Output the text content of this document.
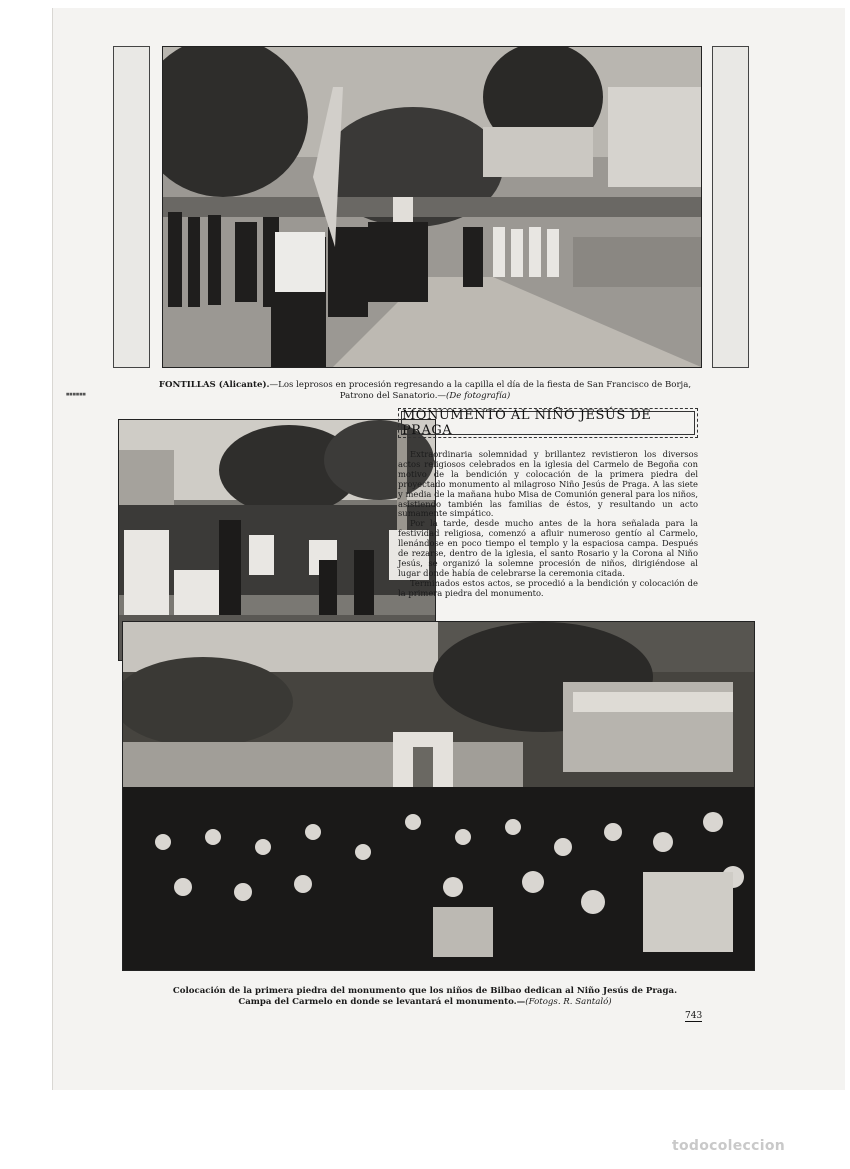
FONTILLAS (Alicante).—Los leprosos en procesión regresando a la capilla el día de la fiesta de San Francisco de Borja,
Patrono del Sanatorio.—(De fotografía)
■■■■■■
MONUMENTO AL NIÑO JESÚS DE PRAGA

Extraordinaria solemnidad y brillantez revistieron los diversos actos religiosos celebrados en la iglesia del Carmelo de Begoña con motivo de la bendición y colocación de la primera piedra del proyectado monumento al milagroso Niño Jesús de Praga. A las siete y media de la mañana hubo Misa de Comunión general para los niños, asistiendo también las familias de éstos, y resultando un acto sumamente simpático.

Por la tarde, desde mucho antes de la hora señalada para la festividad religiosa, comenzó a afluir numeroso gentío al Carmelo, llenándose en poco tiempo el templo y la espaciosa campa. Después de rezarse, dentro de la iglesia, el santo Rosario y la Corona al Niño Jesús, se organizó la solemne procesión de niños, dirigiéndose al lugar donde había de celebrarse la ceremonia citada.

Terminados estos actos, se procedió a la bendición y colocación de la primera piedra del monumento.

Colocación de la primera piedra del monumento que los niños de Bilbao dedican al Niño Jesús de Praga.
Campa del Carmelo en donde se levantará el monumento.—(Fotogs. R. Santaló)
743
todocoleccion
